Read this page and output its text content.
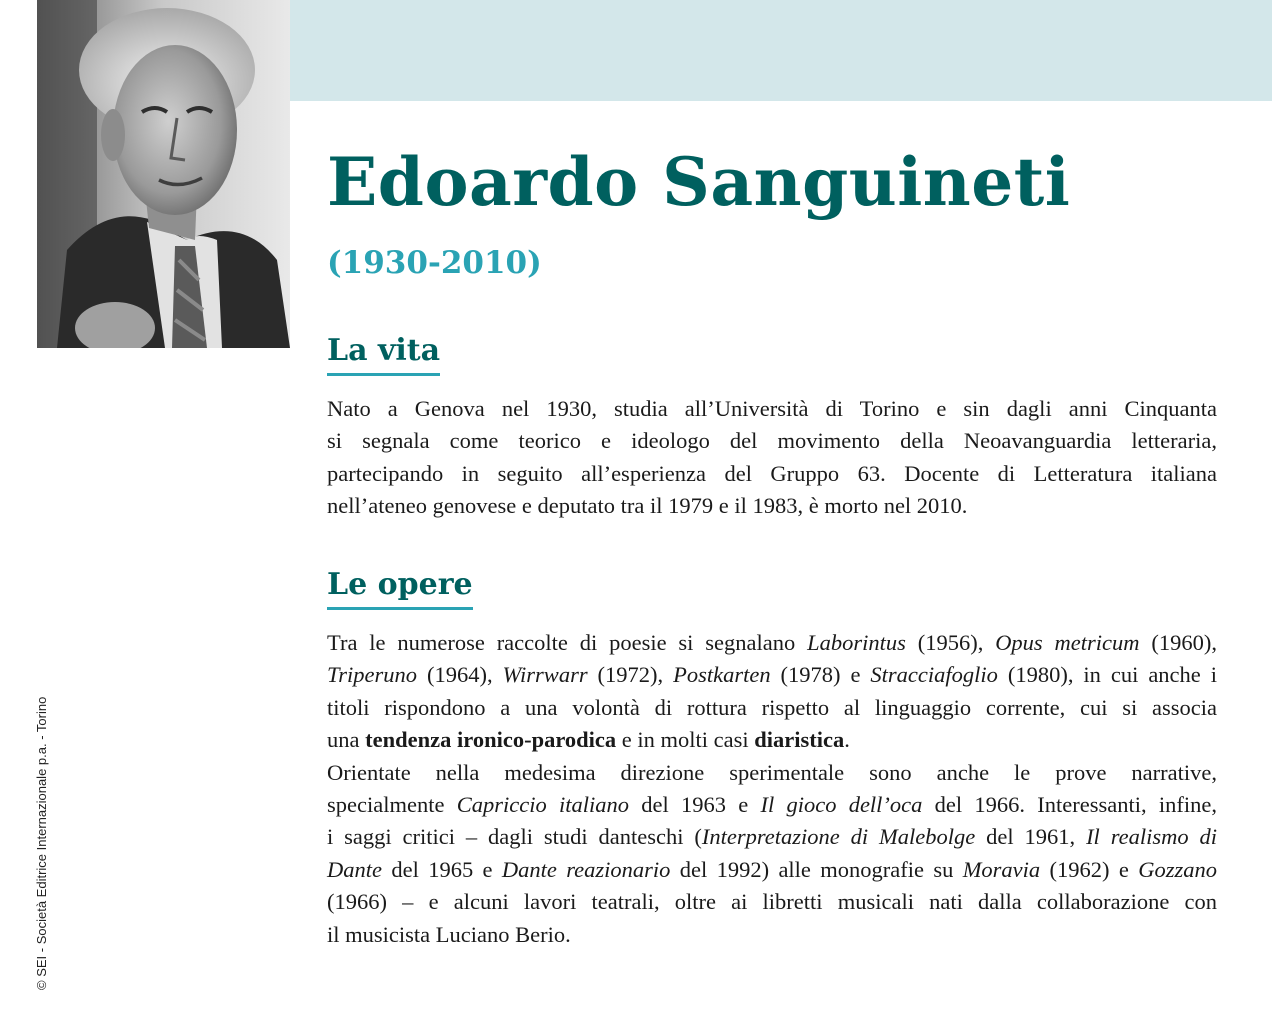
© SEI - Società Editrice Internazionale p.a. - Torino
Edoardo Sanguineti
(1930-2010)
La vita
Nato a Genova nel 1930, studia all’Università di Torino e sin dagli anni Cinquanta
si segnala come teorico e ideologo del movimento della Neoavanguardia letteraria,
partecipando in seguito all’esperienza del Gruppo 63. Docente di Letteratura italiana
nell’ateneo genovese e deputato tra il 1979 e il 1983, è morto nel 2010.
Le opere
Tra le numerose raccolte di poesie si segnalano Laborintus (1956), Opus metricum (1960),
Triperuno (1964), Wirrwarr (1972), Postkarten (1978) e Stracciafoglio (1980), in cui anche i
titoli rispondono a una volontà di rottura rispetto al linguaggio corrente, cui si associa
una tendenza ironico-parodica e in molti casi diaristica.
Orientate nella medesima direzione sperimentale sono anche le prove narrative,
specialmente Capriccio italiano del 1963 e Il gioco dell’oca del 1966. Interessanti, infine,
i saggi critici – dagli studi danteschi (Interpretazione di Malebolge del 1961, Il realismo di
Dante del 1965 e Dante reazionario del 1992) alle monografie su Moravia (1962) e Gozzano
(1966) – e alcuni lavori teatrali, oltre ai libretti musicali nati dalla collaborazione con
il musicista Luciano Berio.
